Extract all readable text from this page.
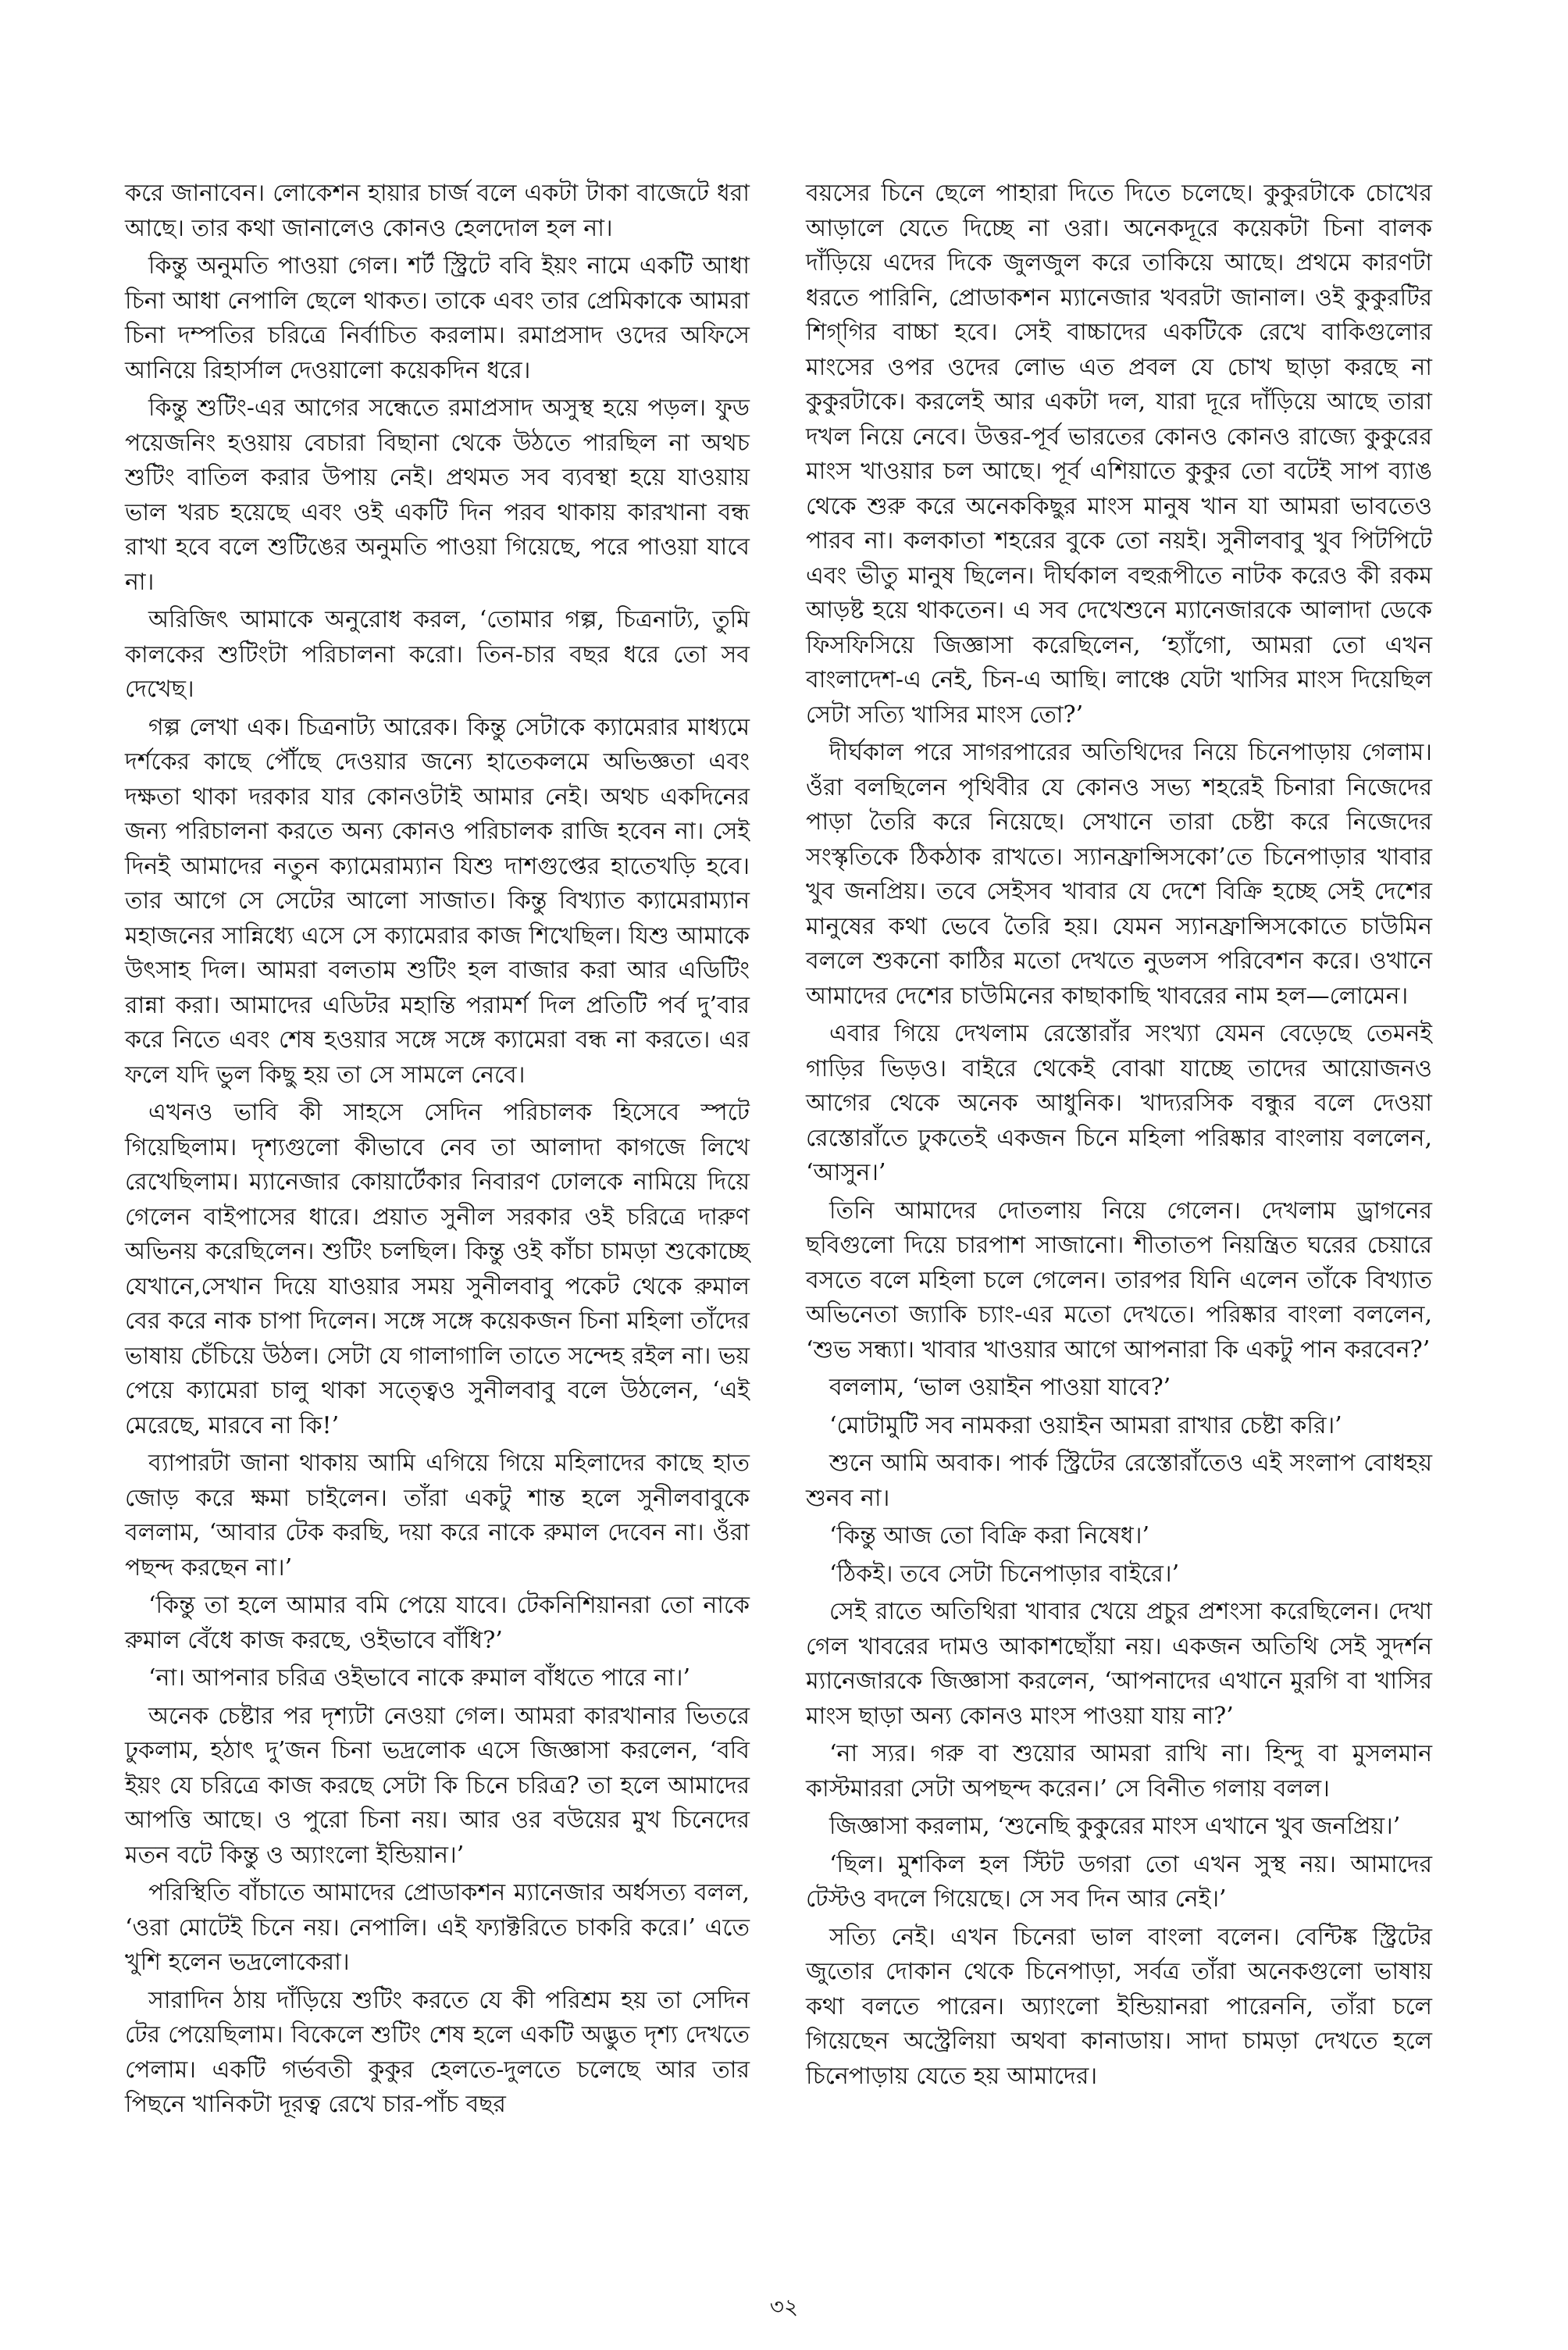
করে জানাবেন। লোকেশন হায়ার চার্জ বলে একটা টাকা বাজেটে ধরা আছে। তার কথা জানালেও কোনও হেলদোল হল না।

কিন্তু অনুমতি পাওয়া গেল। শর্ট স্ট্রিটে ববি ইয়ং নামে একটি আধা চিনা আধা নেপালি ছেলে থাকত। তাকে এবং তার প্রেমিকাকে আমরা চিনা দম্পতির চরিত্রে নির্বাচিত করলাম। রমাপ্রসাদ ওদের অফিসে আনিয়ে রিহার্সাল দেওয়ালো কয়েকদিন ধরে।

কিন্তু শুটিং-এর আগের সন্ধেতে রমাপ্রসাদ অসুস্থ হয়ে পড়ল। ফুড পয়েজনিং হওয়ায় বেচারা বিছানা থেকে উঠতে পারছিল না অথচ শুটিং বাতিল করার উপায় নেই। প্রথমত সব ব্যবস্থা হয়ে যাওয়ায় ভাল খরচ হয়েছে এবং ওই একটি দিন পরব থাকায় কারখানা বন্ধ রাখা হবে বলে শুটিঙের অনুমতি পাওয়া গিয়েছে, পরে পাওয়া যাবে না।

অরিজিৎ আমাকে অনুরোধ করল, ‘তোমার গল্প, চিত্রনাট্য, তুমি কালকের শুটিংটা পরিচালনা করো। তিন-চার বছর ধরে তো সব দেখেছ।

গল্প লেখা এক। চিত্রনাট্য আরেক। কিন্তু সেটাকে ক্যামেরার মাধ্যমে দর্শকের কাছে পৌঁছে দেওয়ার জন্যে হাতেকলমে অভিজ্ঞতা এবং দক্ষতা থাকা দরকার যার কোনওটাই আমার নেই। অথচ একদিনের জন্য পরিচালনা করতে অন্য কোনও পরিচালক রাজি হবেন না। সেই দিনই আমাদের নতুন ক্যামেরাম্যান যিশু দাশগুপ্তের হাতেখড়ি হবে। তার আগে সে সেটের আলো সাজাত। কিন্তু বিখ্যাত ক্যামেরাম্যান মহাজনের সান্নিধ্যে এসে সে ক্যামেরার কাজ শিখেছিল। যিশু আমাকে উৎসাহ দিল। আমরা বলতাম শুটিং হল বাজার করা আর এডিটিং রান্না করা। আমাদের এডিটর মহান্তি পরামর্শ দিল প্রতিটি পর্ব দু’বার করে নিতে এবং শেষ হওয়ার সঙ্গে সঙ্গে ক্যামেরা বন্ধ না করতে। এর ফলে যদি ভুল কিছু হয় তা সে সামলে নেবে।

এখনও ভাবি কী সাহসে সেদিন পরিচালক হিসেবে স্পটে গিয়েছিলাম। দৃশ্যগুলো কীভাবে নেব তা আলাদা কাগজে লিখে রেখেছিলাম। ম্যানেজার কোয়ার্টেকার নিবারণ ঢোলকে নামিয়ে দিয়ে গেলেন বাইপাসের ধারে। প্রয়াত সুনীল সরকার ওই চরিত্রে দারুণ অভিনয় করেছিলেন। শুটিং চলছিল। কিন্তু ওই কাঁচা চামড়া শুকোচ্ছে যেখানে,সেখান দিয়ে যাওয়ার সময় সুনীলবাবু পকেট থেকে রুমাল বের করে নাক চাপা দিলেন। সঙ্গে সঙ্গে কয়েকজন চিনা মহিলা তাঁদের ভাষায় চেঁচিয়ে উঠল। সেটা যে গালাগালি তাতে সন্দেহ রইল না। ভয় পেয়ে ক্যামেরা চালু থাকা সত্ত্বেও সুনীলবাবু বলে উঠলেন, ‘এই মেরেছে, মারবে না কি!’

ব্যাপারটা জানা থাকায় আমি এগিয়ে গিয়ে মহিলাদের কাছে হাত জোড় করে ক্ষমা চাইলেন। তাঁরা একটু শান্ত হলে সুনীলবাবুকে বললাম, ‘আবার টেক করছি, দয়া করে নাকে রুমাল দেবেন না। ওঁরা পছন্দ করছেন না।’

‘কিন্তু তা হলে আমার বমি পেয়ে যাবে। টেকনিশিয়ানরা তো নাকে রুমাল বেঁধে কাজ করছে, ওইভাবে বাঁধি?’

‘না। আপনার চরিত্র ওইভাবে নাকে রুমাল বাঁধতে পারে না।’

অনেক চেষ্টার পর দৃশ্যটা নেওয়া গেল। আমরা কারখানার ভিতরে ঢুকলাম, হঠাৎ দু’জন চিনা ভদ্রলোক এসে জিজ্ঞাসা করলেন, ‘ববি ইয়ং যে চরিত্রে কাজ করছে সেটা কি চিনে চরিত্র? তা হলে আমাদের আপত্তি আছে। ও পুরো চিনা নয়। আর ওর বউয়ের মুখ চিনেদের মতন বটে কিন্তু ও অ্যাংলো ইন্ডিয়ান।’

পরিস্থিতি বাঁচাতে আমাদের প্রোডাকশন ম্যানেজার অর্ধসত্য বলল, ‘ওরা মোটেই চিনে নয়। নেপালি। এই ফ্যাক্টরিতে চাকরি করে।’ এতে খুশি হলেন ভদ্রলোকেরা।

সারাদিন ঠায় দাঁড়িয়ে শুটিং করতে যে কী পরিশ্রম হয় তা সেদিন টের পেয়েছিলাম। বিকেলে শুটিং শেষ হলে একটি অদ্ভুত দৃশ্য দেখতে পেলাম। একটি গর্ভবতী কুকুর হেলতে-দুলতে চলেছে আর তার পিছনে খানিকটা দূরত্ব রেখে চার-পাঁচ বছর

বয়সের চিনে ছেলে পাহারা দিতে দিতে চলেছে। কুকুরটাকে চোখের আড়ালে যেতে দিচ্ছে না ওরা। অনেকদূরে কয়েকটা চিনা বালক দাঁড়িয়ে এদের দিকে জুলজুল করে তাকিয়ে আছে। প্রথমে কারণটা ধরতে পারিনি, প্রোডাকশন ম্যানেজার খবরটা জানাল। ওই কুকুরটির শিগ্‌গির বাচ্চা হবে। সেই বাচ্চাদের একটিকে রেখে বাকিগুলোর মাংসের ওপর ওদের লোভ এত প্রবল যে চোখ ছাড়া করছে না কুকুরটাকে। করলেই আর একটা দল, যারা দূরে দাঁড়িয়ে আছে তারা দখল নিয়ে নেবে। উত্তর-পূর্ব ভারতের কোনও কোনও রাজ্যে কুকুরের মাংস খাওয়ার চল আছে। পূর্ব এশিয়াতে কুকুর তো বটেই সাপ ব্যাঙ থেকে শুরু করে অনেককিছুর মাংস মানুষ খান যা আমরা ভাবতেও পারব না। কলকাতা শহরের বুকে তো নয়ই। সুনীলবাবু খুব পিটপিটে এবং ভীতু মানুষ ছিলেন। দীর্ঘকাল বহুরূপীতে নাটক করেও কী রকম আড়ষ্ট হয়ে থাকতেন। এ সব দেখেশুনে ম্যানেজারকে আলাদা ডেকে ফিসফিসিয়ে জিজ্ঞাসা করেছিলেন, ‘হ্যাঁগো, আমরা তো এখন বাংলাদেশ-এ নেই, চিন-এ আছি। লাঞ্চে যেটা খাসির মাংস দিয়েছিল সেটা সত্যি খাসির মাংস তো?’

দীর্ঘকাল পরে সাগরপারের অতিথিদের নিয়ে চিনেপাড়ায় গেলাম। ওঁরা বলছিলেন পৃথিবীর যে কোনও সভ্য শহরেই চিনারা নিজেদের পাড়া তৈরি করে নিয়েছে। সেখানে তারা চেষ্টা করে নিজেদের সংস্কৃতিকে ঠিকঠাক রাখতে। স্যানফ্রান্সিসকো’তে চিনেপাড়ার খাবার খুব জনপ্রিয়। তবে সেইসব খাবার যে দেশে বিক্রি হচ্ছে সেই দেশের মানুষের কথা ভেবে তৈরি হয়। যেমন স্যানফ্রান্সিসকোতে চাউমিন বললে শুকনো কাঠির মতো দেখতে নুডলস পরিবেশন করে। ওখানে আমাদের দেশের চাউমিনের কাছাকাছি খাবরের নাম হল—লোমেন।

এবার গিয়ে দেখলাম রেস্তোরাঁর সংখ্যা যেমন বেড়েছে তেমনই গাড়ির ভিড়ও। বাইরে থেকেই বোঝা যাচ্ছে তাদের আয়োজনও আগের থেকে অনেক আধুনিক। খাদ্যরসিক বন্ধুর বলে দেওয়া রেস্তোরাঁতে ঢুকতেই একজন চিনে মহিলা পরিষ্কার বাংলায় বললেন, ‘আসুন।’

তিনি আমাদের দোতলায় নিয়ে গেলেন। দেখলাম ড্রাগনের ছবিগুলো দিয়ে চারপাশ সাজানো। শীতাতপ নিয়ন্ত্রিত ঘরের চেয়ারে বসতে বলে মহিলা চলে গেলেন। তারপর যিনি এলেন তাঁকে বিখ্যাত অভিনেতা জ্যাকি চ্যাং-এর মতো দেখতে। পরিষ্কার বাংলা বললেন, ‘শুভ সন্ধ্যা। খাবার খাওয়ার আগে আপনারা কি একটু পান করবেন?’

বললাম, ‘ভাল ওয়াইন পাওয়া যাবে?’

‘মোটামুটি সব নামকরা ওয়াইন আমরা রাখার চেষ্টা করি।’

শুনে আমি অবাক। পার্ক স্ট্রিটের রেস্তোরাঁতেও এই সংলাপ বোধহয় শুনব না।

‘কিন্তু আজ তো বিক্রি করা নিষেধ।’

‘ঠিকই। তবে সেটা চিনেপাড়ার বাইরে।’

সেই রাতে অতিথিরা খাবার খেয়ে প্রচুর প্রশংসা করেছিলেন। দেখা গেল খাবরের দামও আকাশছোঁয়া নয়। একজন অতিথি সেই সুদর্শন ম্যানেজারকে জিজ্ঞাসা করলেন, ‘আপনাদের এখানে মুরগি বা খাসির মাংস ছাড়া অন্য কোনও মাংস পাওয়া যায় না?’

‘না স্যর। গরু বা শুয়োর আমরা রাখি না। হিন্দু বা মুসলমান কাস্টমাররা সেটা অপছন্দ করেন।’ সে বিনীত গলায় বলল।

জিজ্ঞাসা করলাম, ‘শুনেছি কুকুরের মাংস এখানে খুব জনপ্রিয়।’

‘ছিল। মুশকিল হল স্টিট ডগরা তো এখন সুস্থ নয়। আমাদের টেস্টও বদলে গিয়েছে। সে সব দিন আর নেই।’

সত্যি নেই। এখন চিনেরা ভাল বাংলা বলেন। বেন্টিঙ্ক স্ট্রিটের জুতোর দোকান থেকে চিনেপাড়া, সর্বত্র তাঁরা অনেকগুলো ভাষায় কথা বলতে পারেন। অ্যাংলো ইন্ডিয়ানরা পারেননি, তাঁরা চলে গিয়েছেন অস্ট্রেলিয়া অথবা কানাডায়। সাদা চামড়া দেখতে হলে চিনেপাড়ায় যেতে হয় আমাদের।

৩২
